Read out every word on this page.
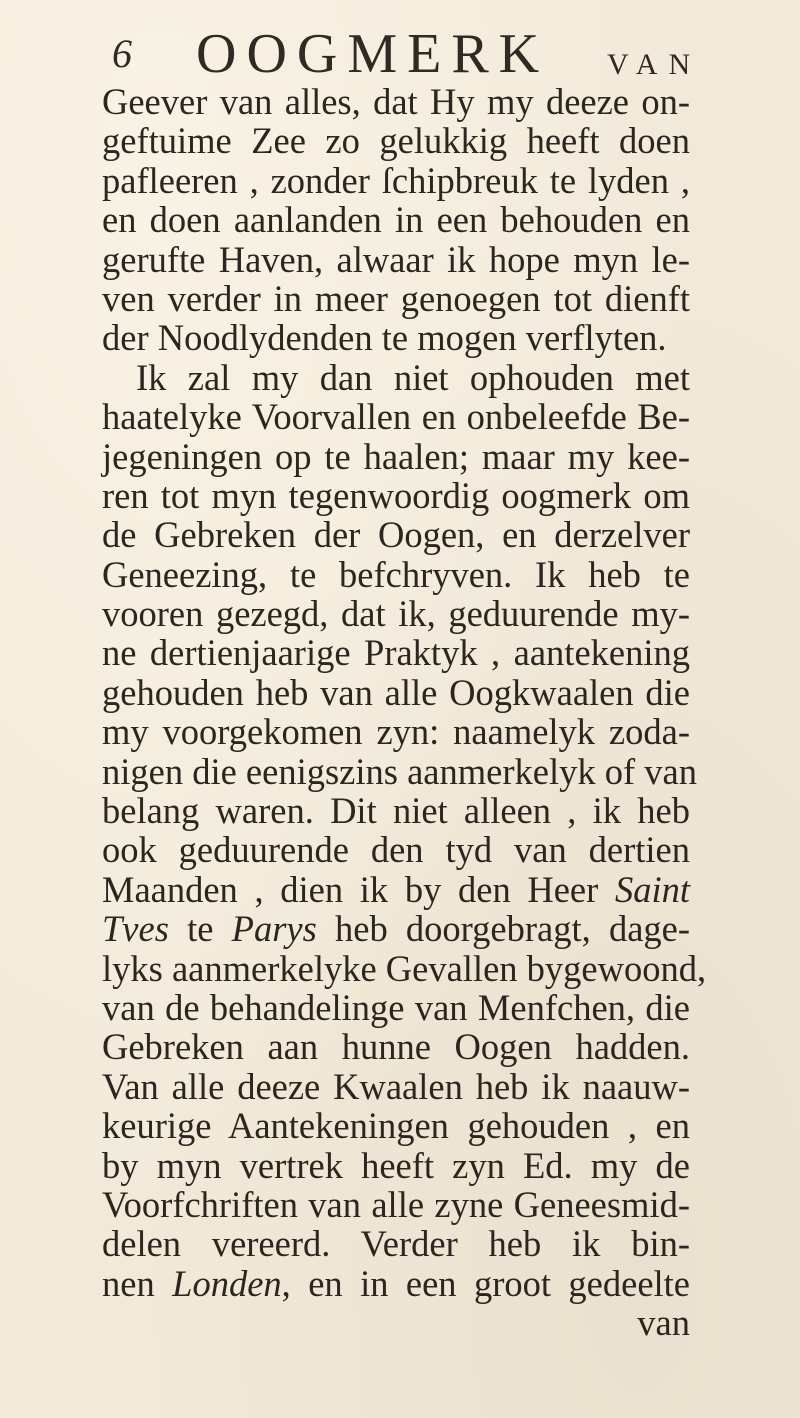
6 OOGMERK VAN
Geever van alles, dat Hy my deeze on-
geftuime Zee zo gelukkig heeft doen
pafleeren , zonder ſchipbreuk te lyden ,
en doen aanlanden in een behouden en
gerufte Haven, alwaar ik hope myn le-
ven verder in meer genoegen tot dienft
der Noodlydenden te mogen verflyten.
Ik zal my dan niet ophouden met
haatelyke Voorvallen en onbeleefde Be-
jegeningen op te haalen; maar my kee-
ren tot myn tegenwoordig oogmerk om
de Gebreken der Oogen, en derzelver
Geneezing, te befchryven. Ik heb te
vooren gezegd, dat ik, geduurende my-
ne dertienjaarige Praktyk , aantekening
gehouden heb van alle Oogkwaalen die
my voorgekomen zyn: naamelyk zoda-
nigen die eenigszins aanmerkelyk of van
belang waren. Dit niet alleen , ik heb
ook geduurende den tyd van dertien
Maanden , dien ik by den Heer Saint
Tves te Parys heb doorgebragt, dage-
lyks aanmerkelyke Gevallen bygewoond,
van de behandelinge van Menfchen, die
Gebreken aan hunne Oogen hadden.
Van alle deeze Kwaalen heb ik naauw-
keurige Aantekeningen gehouden , en
by myn vertrek heeft zyn Ed. my de
Voorfchriften van alle zyne Geneesmid-
delen vereerd. Verder heb ik bin-
nen Londen, en in een groot gedeelte
van
